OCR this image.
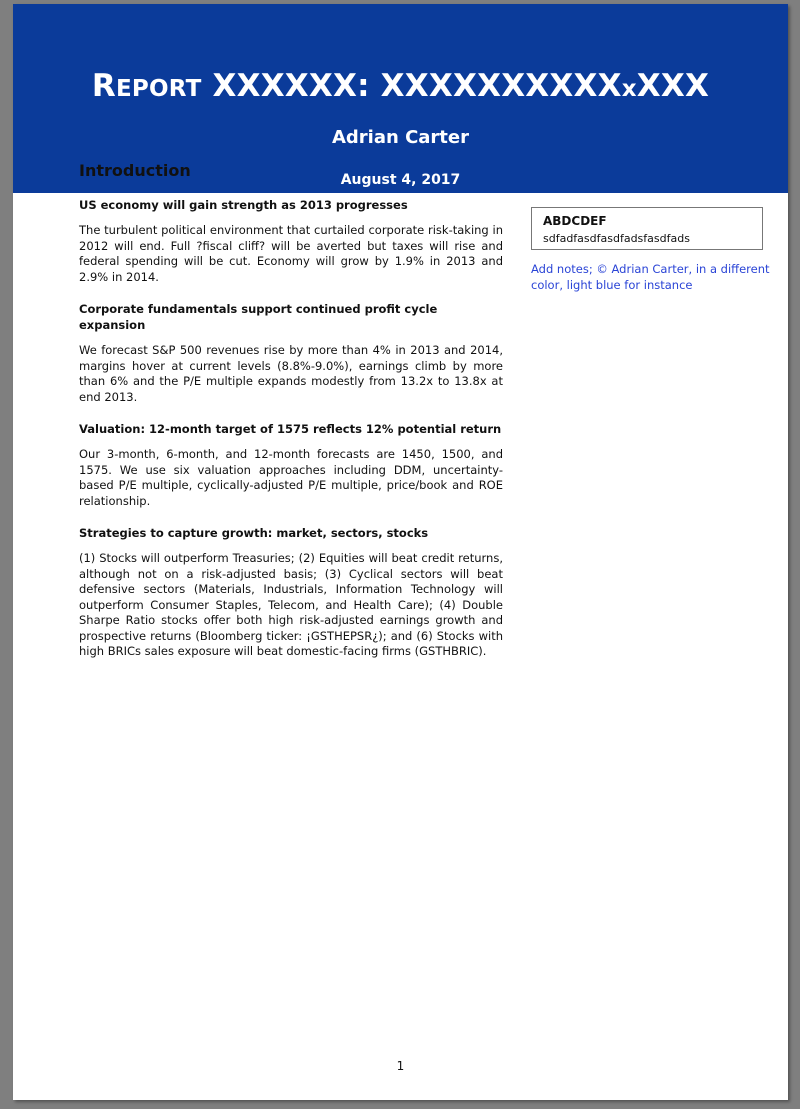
REPORT XXXXXX: XXXXXXXXXXxXXX
Adrian Carter
Introduction	August 4, 2017
US economy will gain strength as 2013 progresses
The turbulent political environment that curtailed corporate risk-taking in 2012 will end. Full ?fiscal cliff? will be averted but taxes will rise and federal spending will be cut. Economy will grow by 1.9% in 2013 and 2.9% in 2014.
Corporate fundamentals support continued profit cycle expansion
We forecast S&P 500 revenues rise by more than 4% in 2013 and 2014, margins hover at current levels (8.8%-9.0%), earnings climb by more than 6% and the P/E multiple expands modestly from 13.2x to 13.8x at end 2013.
Valuation: 12-month target of 1575 reflects 12% potential return
Our 3-month, 6-month, and 12-month forecasts are 1450, 1500, and 1575. We use six valuation approaches including DDM, uncertainty-based P/E multiple, cyclically-adjusted P/E multiple, price/book and ROE relationship.
Strategies to capture growth: market, sectors, stocks
(1) Stocks will outperform Treasuries; (2) Equities will beat credit returns, although not on a risk-adjusted basis; (3) Cyclical sectors will beat defensive sectors (Materials, Industrials, Information Technology will outperform Consumer Staples, Telecom, and Health Care); (4) Double Sharpe Ratio stocks offer both high risk-adjusted earnings growth and prospective returns (Bloomberg ticker: ¡GSTHEPSR¿); and (6) Stocks with high BRICs sales exposure will beat domestic-facing firms (GSTHBRIC).
ABDCDEF
sdfadfasdfasdfadsfasdfads
Add notes; © Adrian Carter, in a different color, light blue for instance
1
